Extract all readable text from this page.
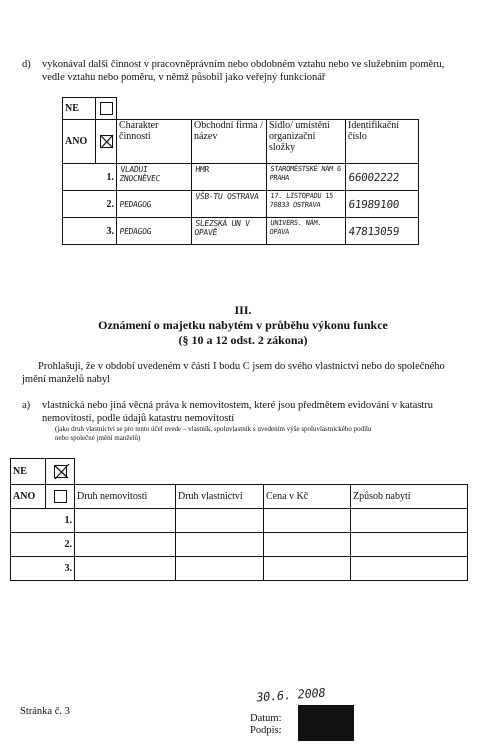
d) vykonával další činnost v pracovněprávním nebo obdobném vztahu nebo ve služebním poměru,
vedle vztahu nebo poměru, v němž působil jako veřejný funkcionář
NE					
ANO		Charakter činnosti	Obchodní firma / název	Sídlo/ umístění organizační složky	Identifikační číslo
	1.	VLADUI ZNOCNĚVEC	HMR	STAROMĚSTSKÉ NÁM 6 PRAHA	66002222
	2.	PEDAGOG	VŠB-TU OSTRAVA	17. LISTOPADU 15 70833 OSTRAVA	61989100
	3.	PEDAGOG	SLEZSKÁ UN V OPAVĚ	UNIVERS. NÁM. OPAVA	47813059
III.
Oznámení o majetku nabytém v průběhu výkonu funkce
(§ 10 a 12 odst. 2 zákona)
Prohlašuji, že v období uvedeném v části I bodu C jsem do svého vlastnictví nebo do společného
jmění manželů nabyl
a) vlastnická nebo jiná věcná práva k nemovitostem, které jsou předmětem evidování v katastru
nemovitostí, podle údajů katastru nemovitostí
(jako druh vlastnictví se pro tento účel uvede – vlastník, spoluvlastník s uvedením výše spoluvlastnického podílu
nebo společné jmění manželů)
NE	

ANO		Druh nemovitosti	Druh vlastnictví	Cena v Kč	Způsob nabytí
	1.				
	2.				
	3.				
Stránka č. 3
30.6. 2008
Datum:
Podpis:
